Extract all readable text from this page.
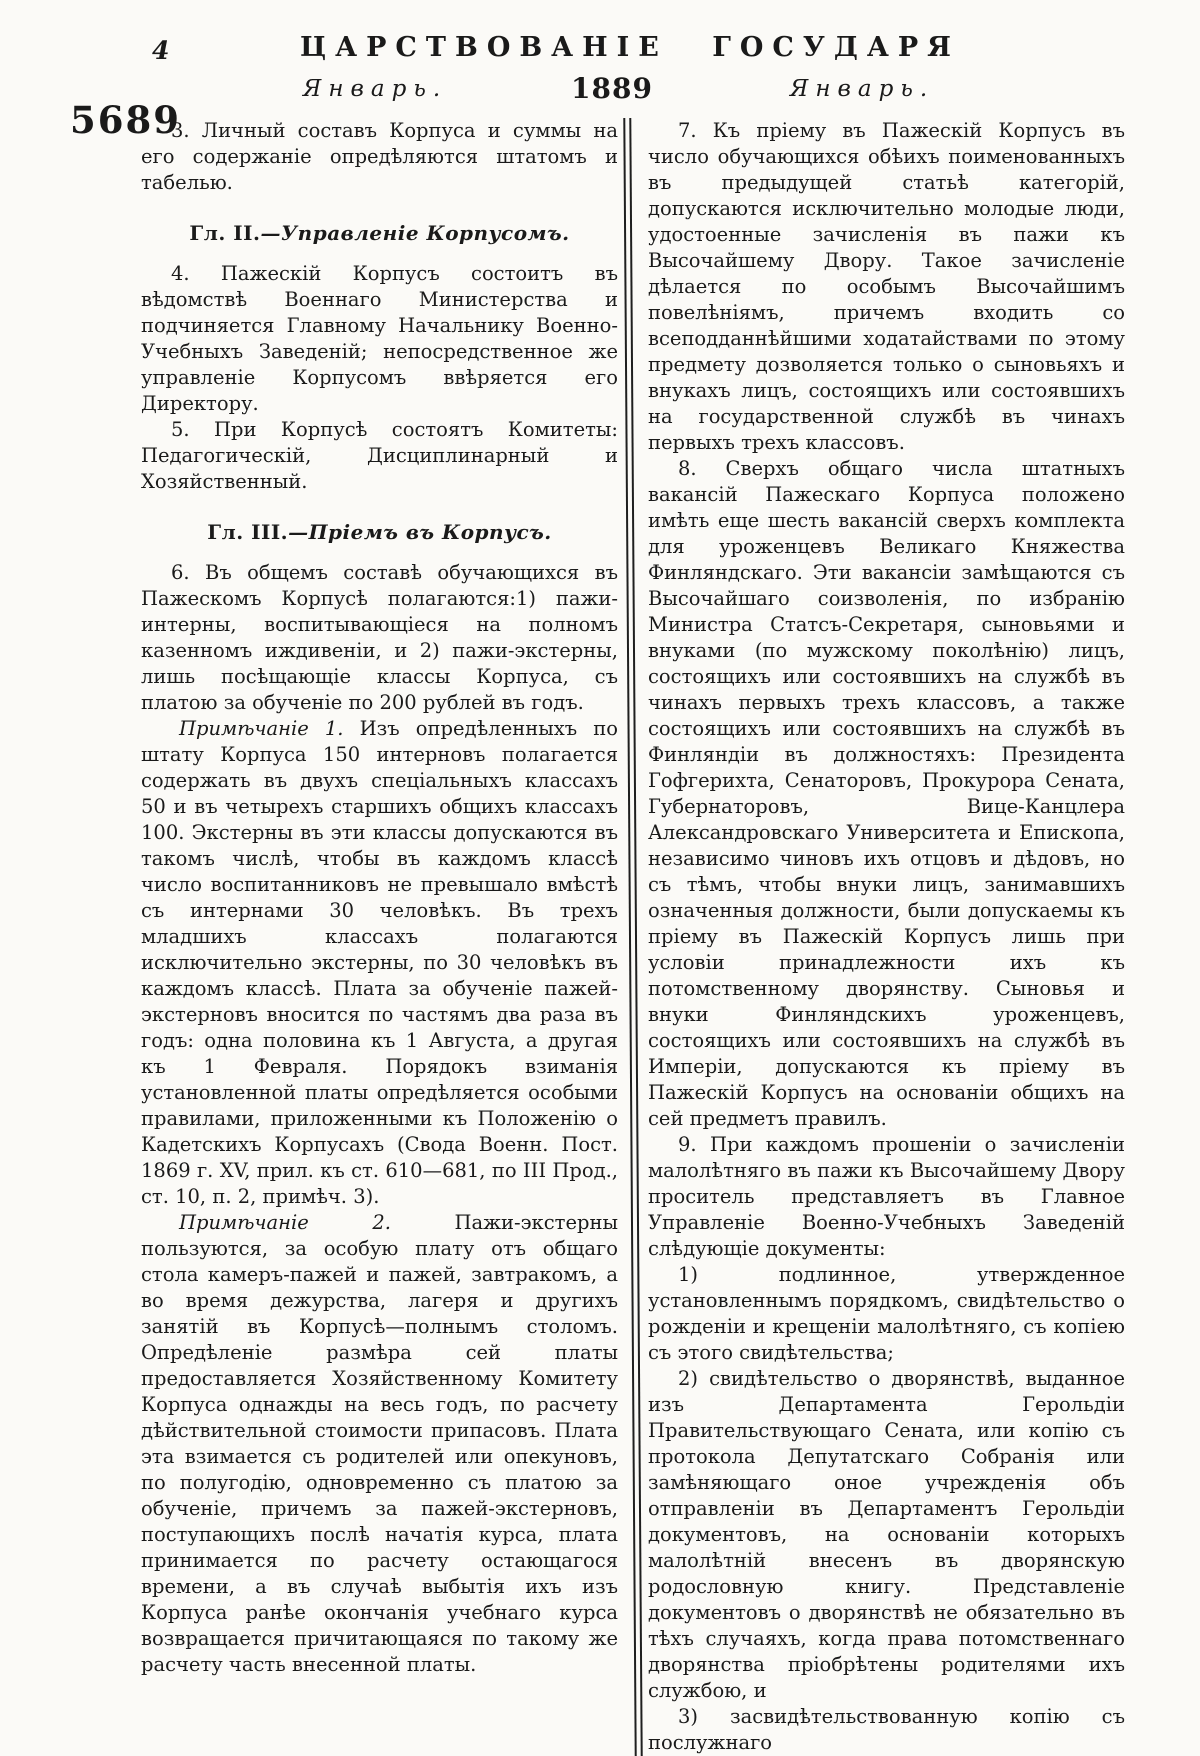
4	ЦАРСТВОВАНІЕ ГОСУДАРЯ
Январь.	1889	Январь.
5689

3. Личный составъ Корпуса и суммы на его содержаніе опредѣляются штатомъ и табелью.

Гл. II.—Управленіе Корпусомъ.

4. Пажескій Корпусъ состоитъ въ вѣдомствѣ Военнаго Министерства и подчиняется Главному Начальнику Военно-Учебныхъ Заведеній; непосредственное же управленіе Корпусомъ ввѣряется его Директору.

5. При Корпусѣ состоятъ Комитеты: Педагогическій, Дисциплинарный и Хозяйственный.

Гл. III.—Пріемъ въ Корпусъ.

6. Въ общемъ составѣ обучающихся въ Пажескомъ Корпусѣ полагаются:1) пажи-интерны, воспитывающіеся на полномъ казенномъ иждивеніи, и 2) пажи-экстерны, лишь посѣщающіе классы Корпуса, съ платою за обученіе по 200 рублей въ годъ.

Примѣчаніе 1. Изъ опредѣленныхъ по штату Корпуса 150 интерновъ полагается содержать въ двухъ спеціальныхъ классахъ 50 и въ четырехъ старшихъ общихъ классахъ 100. Экстерны въ эти классы допускаются въ такомъ числѣ, чтобы въ каждомъ классѣ число воспитанниковъ не превышало вмѣстѣ съ интернами 30 человѣкъ. Въ трехъ младшихъ классахъ полагаются исключительно экстерны, по 30 человѣкъ въ каждомъ классѣ. Плата за обученіе пажей-экстерновъ вносится по частямъ два раза въ годъ: одна половина къ 1 Августа, а другая къ 1 Февраля. Порядокъ взиманія установленной платы опредѣляется особыми правилами, приложенными къ Положенію о Кадетскихъ Корпусахъ (Свода Военн. Пост. 1869 г. XV, прил. къ ст. 610—681, по III Прод., ст. 10, п. 2, примѣч. 3).

Примѣчаніе 2.	Пажи-экстерны пользуются, за особую плату отъ общаго стола камеръ-пажей и пажей, завтракомъ, а во время дежурства, лагеря и другихъ занятій въ Корпусѣ—полнымъ столомъ. Опредѣленіе размѣра сей платы предоставляется Хозяйственному Комитету Корпуса однажды на весь годъ, по расчету дѣйствительной стоимости припасовъ. Плата эта взимается съ родителей или опекуновъ, по полугодію, одновременно съ платою за обученіе, причемъ за пажей-экстерновъ, поступающихъ послѣ начатія курса, плата принимается по расчету остающагося времени, а въ случаѣ выбытія ихъ изъ Корпуса ранѣе окончанія учебнаго курса возвращается причитающаяся по такому же расчету часть внесенной платы.

7. Къ пріему въ Пажескій Корпусъ въ число обучающихся обѣихъ поименованныхъ въ предыдущей статьѣ категорій, допускаются исключительно молодые люди, удостоенные зачисленія въ пажи къ Высочайшему Двору. Такое зачисленіе дѣлается по особымъ Высочайшимъ повелѣніямъ, причемъ входить со всеподданнѣйшими ходатайствами по этому предмету дозволяется только о сыновьяхъ и внукахъ лицъ, состоящихъ или состоявшихъ на государственной службѣ въ чинахъ первыхъ трехъ классовъ.

8. Сверхъ общаго числа штатныхъ вакансій Пажескаго Корпуса положено имѣть еще шесть вакансій сверхъ комплекта для уроженцевъ Великаго Княжества Финляндскаго. Эти вакансіи замѣщаются съ Высочайшаго соизволенія, по избранію Министра Статсъ-Секретаря, сыновьями и внуками (по мужскому поколѣнію) лицъ, состоящихъ или состоявшихъ на службѣ въ чинахъ первыхъ трехъ классовъ, а также состоящихъ или состоявшихъ на службѣ въ Финляндіи въ должностяхъ: Президента Гофгерихта, Сенаторовъ, Прокурора Сената, Губернаторовъ, Вице-Канцлера Александровскаго Университета и Епископа, независимо чиновъ ихъ отцовъ и дѣдовъ, но съ тѣмъ, чтобы внуки лицъ, занимавшихъ означенныя должности, были допускаемы къ пріему въ Пажескій Корпусъ лишь при условіи принадлежности ихъ къ потомственному дворянству. Сыновья и внуки Финляндскихъ уроженцевъ, состоящихъ или состоявшихъ на службѣ въ Имперіи, допускаются къ пріему въ Пажескій Корпусъ на основаніи общихъ на сей предметъ правилъ.

9. При каждомъ прошеніи о зачисленіи малолѣтняго въ пажи къ Высочайшему Двору проситель представляетъ въ Главное Управленіе Военно-Учебныхъ Заведеній слѣдующіе документы:

1) подлинное, утвержденное установленнымъ порядкомъ, свидѣтельство о рожденіи и крещеніи малолѣтняго, съ копіею съ этого свидѣтельства;

2) свидѣтельство о дворянствѣ, выданное изъ Департамента Герольдіи Правительствующаго Сената, или копію съ протокола Депутатскаго Собранія или замѣняющаго оное учрежденія объ отправленіи въ Департаментъ Герольдіи документовъ, на основаніи которыхъ малолѣтній внесенъ въ дворянскую родословную книгу. Представленіе документовъ о дворянствѣ не обязательно въ тѣхъ случаяхъ, когда права потомственнаго дворянства пріобрѣтены родителями ихъ службою, и

3) засвидѣтельствованную копію съ послужнаго
